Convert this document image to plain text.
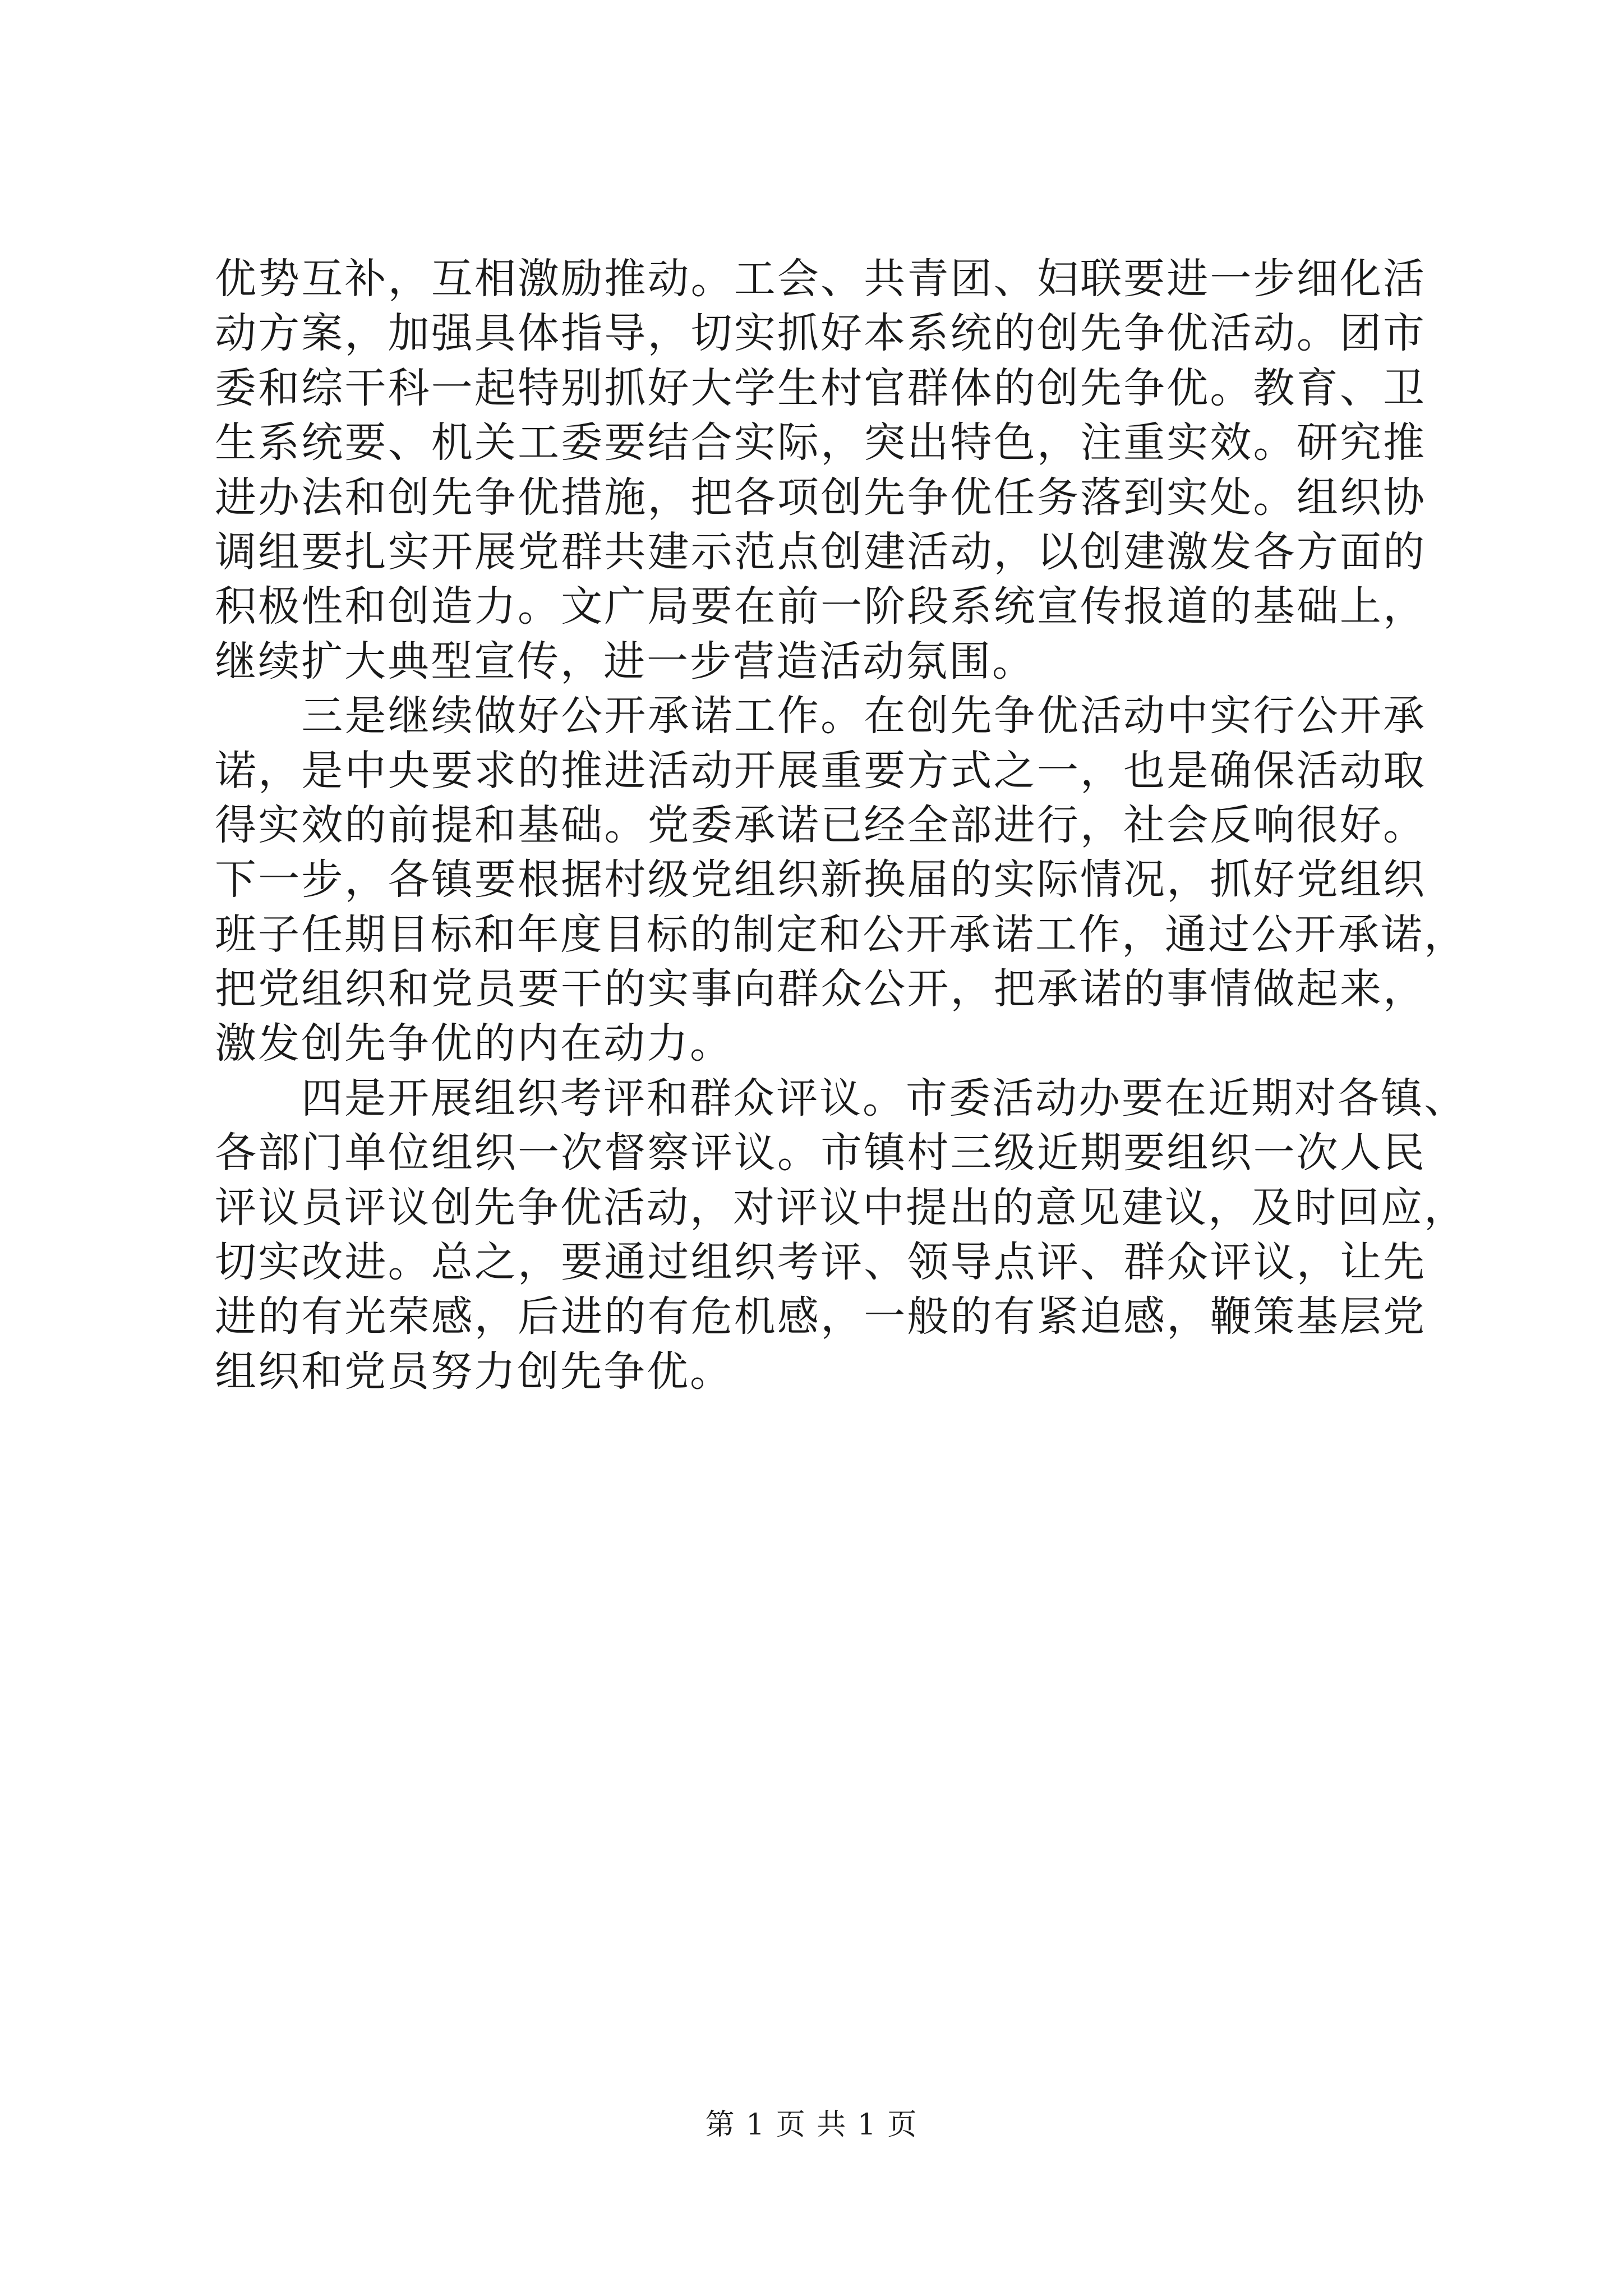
优势互补，互相激励推动。工会、共青团、妇联要进一步细化活
动方案，加强具体指导，切实抓好本系统的创先争优活动。团市
委和综干科一起特别抓好大学生村官群体的创先争优。教育、卫
生系统要、机关工委要结合实际，突出特色，注重实效。研究推
进办法和创先争优措施，把各项创先争优任务落到实处。组织协
调组要扎实开展党群共建示范点创建活动，以创建激发各方面的
积极性和创造力。文广局要在前一阶段系统宣传报道的基础上，
继续扩大典型宣传，进一步营造活动氛围。
　　三是继续做好公开承诺工作。在创先争优活动中实行公开承
诺，是中央要求的推进活动开展重要方式之一，也是确保活动取
得实效的前提和基础。党委承诺已经全部进行，社会反响很好。
下一步，各镇要根据村级党组织新换届的实际情况，抓好党组织
班子任期目标和年度目标的制定和公开承诺工作，通过公开承诺，
把党组织和党员要干的实事向群众公开，把承诺的事情做起来，
激发创先争优的内在动力。
　　四是开展组织考评和群众评议。市委活动办要在近期对各镇、
各部门单位组织一次督察评议。市镇村三级近期要组织一次人民
评议员评议创先争优活动，对评议中提出的意见建议，及时回应，
切实改进。总之，要通过组织考评、领导点评、群众评议，让先
进的有光荣感，后进的有危机感，一般的有紧迫感，鞭策基层党
组织和党员努力创先争优。
第 1 页 共 1 页
